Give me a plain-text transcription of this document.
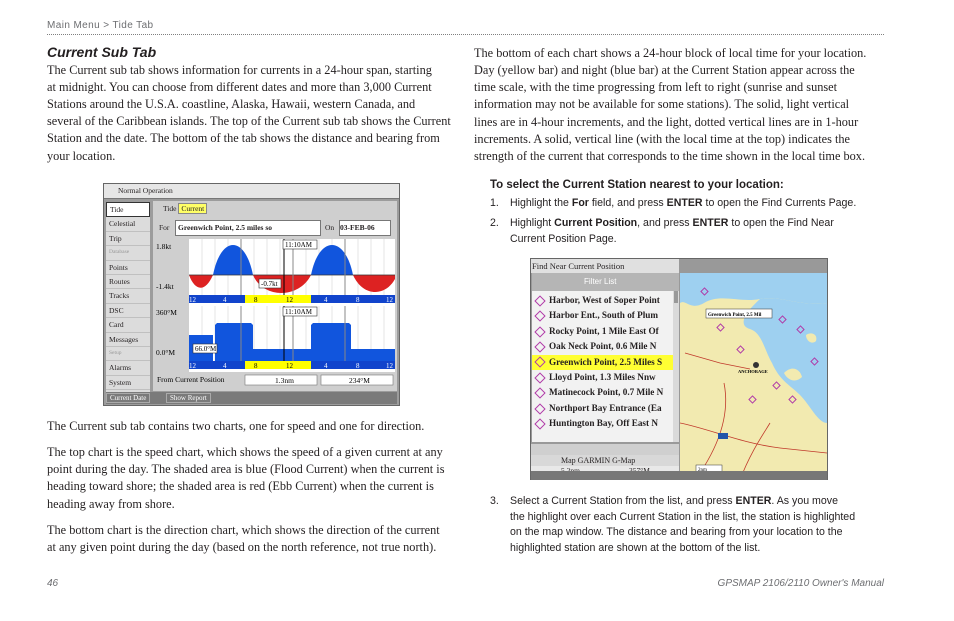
Main Menu > Tide Tab
Current Sub Tab
The Current sub tab shows information for currents in a 24-hour span, starting
at midnight. You can choose from different dates and more than 3,000 Current
Stations around the U.S.A. coastline, Alaska, Hawaii, western Canada, and
several of the Caribbean islands. The top of the Current sub tab shows the Current
Station and the date. The bottom of the tab shows the distance and bearing from
your location.
Normal Operation
Tide
Celestial
Trip
Database
Points
Routes
Tracks
DSC
Card
Messages
Setup
Alarms
System
Tide Current
For	Greenwich Point, 2.5 miles so	On 03-FEB-06
1.8kt
-1.4kt	-0.7kt
11:10AM
12	4	8	12	4	8	12
360°M
0.0°M	66.0°M
11:10AM
12	4	8	12	4	8	12
From Current Position	1.3nm	234°M
Current Date	Show Report
The Current sub tab contains two charts, one for speed and one for direction.
The top chart is the speed chart, which shows the speed of a given current at any
point during the day. The shaded area is blue (Flood Current) when the current is
heading toward shore; the shaded area is red (Ebb Current) when the current is
heading away from shore.
The bottom chart is the direction chart, which shows the direction of the current
at any given point during the day (based on the north reference, not true north).
The bottom of each chart shows a 24-hour block of local time for your location.
Day (yellow bar) and night (blue bar) at the Current Station appear across the
time scale, with the time progressing from left to right (sunrise and sunset
information may not be available for some stations). The solid, light vertical
lines are in 4-hour increments, and the light, dotted vertical lines are in 1-hour
increments. A solid, vertical line (with the local time at the top) indicates the
strength of the current that corresponds to the time shown in the local time box.
To select the Current Station nearest to your location:
1. Highlight the For field, and press ENTER to open the Find Currents Page.
2. Highlight Current Position, and press ENTER to open the Find Near
Current Position Page.
Find Near Current Position
Filter List
Harbor, West of Soper Point
Harbor Ent., South of Plum
Rocky Point, 1 Mile East Of
Oak Neck Point, 0.6 Mile N
Greenwich Point, 2.5 Miles S
Lloyd Point, 1.3 Miles Nnw
Matinecock Point, 0.7 Mile N
Northport Bay Entrance (Ea
Huntington Bay, Off East N
Map GARMIN G-Map
Greenwich Point, 2.5 Mil
ANCHORAGE
3. Select a Current Station from the list, and press ENTER. As you move
the highlight over each Current Station in the list, the station is highlighted
on the map window. The distance and bearing from your location to the
highlighted station are shown at the bottom of the list.
46	GPSMAP 2106/2110 Owner's Manual
